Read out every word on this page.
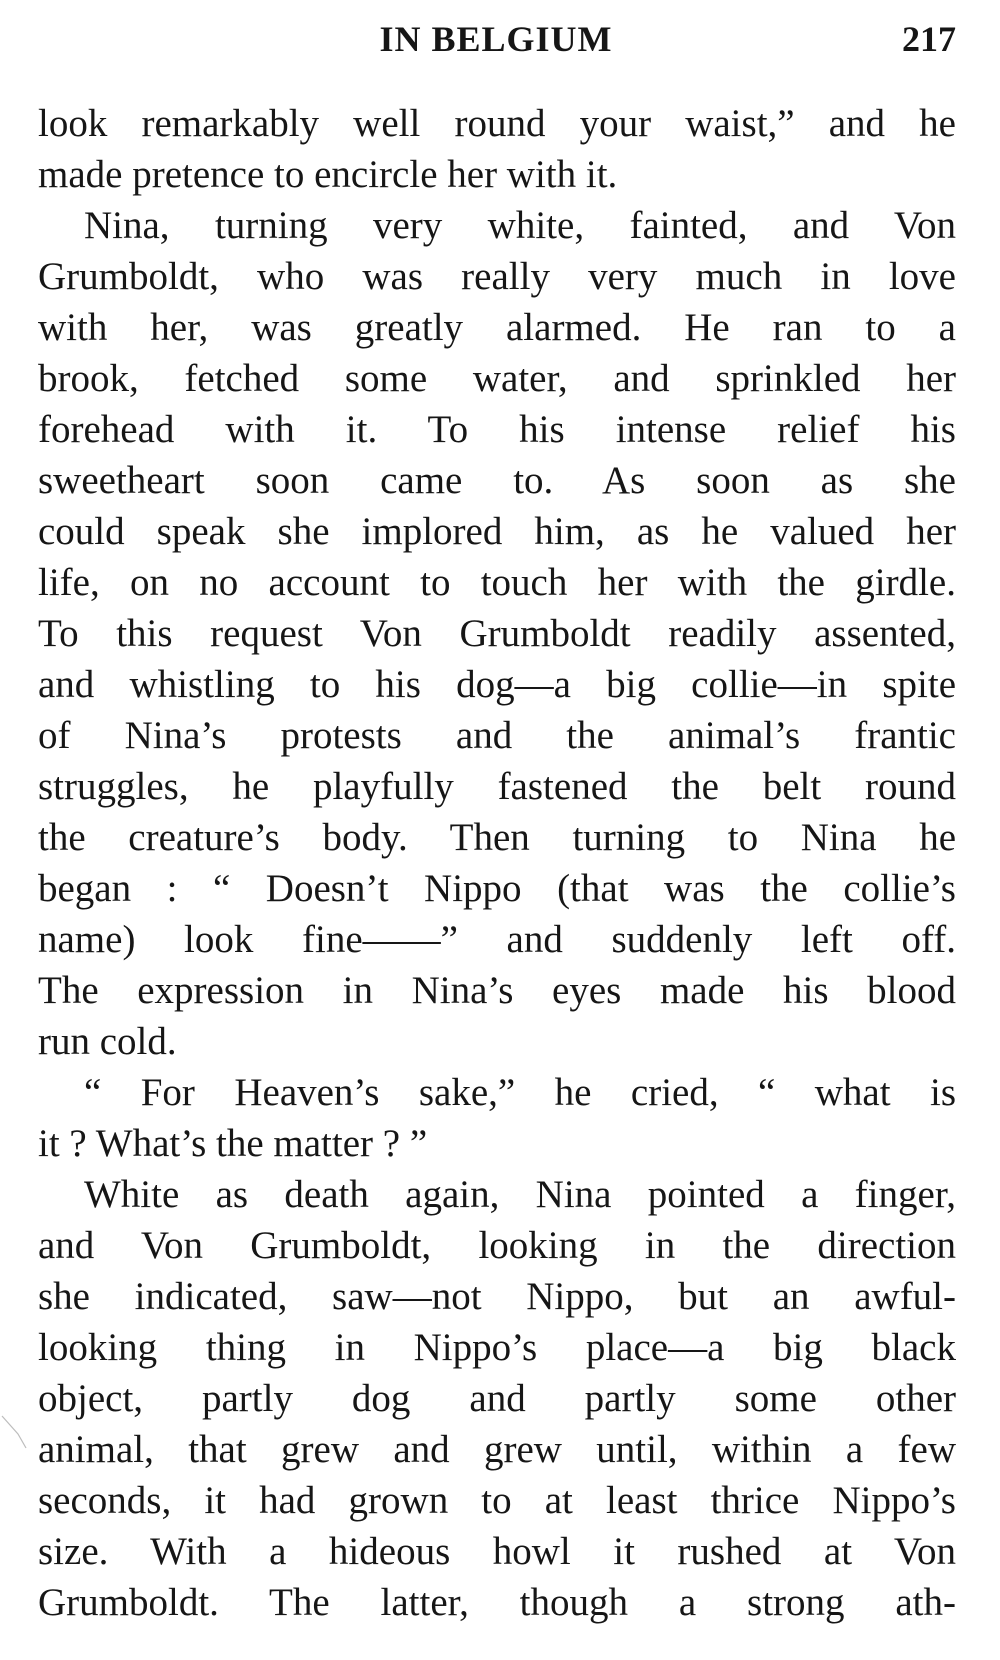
IN BELGIUM	217
look remarkably well round your waist,” and he
made pretence to encircle her with it.
Nina, turning very white, fainted, and Von
Grumboldt, who was really very much in love
with her, was greatly alarmed. He ran to a
brook, fetched some water, and sprinkled her
forehead with it. To his intense relief his
sweetheart soon came to. As soon as she
could speak she implored him, as he valued her
life, on no account to touch her with the girdle.
To this request Von Grumboldt readily assented,
and whistling to his dog—a big collie—in spite
of Nina’s protests and the animal’s frantic
struggles, he playfully fastened the belt round
the creature’s body. Then turning to Nina he
began : “ Doesn’t Nippo (that was the collie’s
name) look fine——” and suddenly left off.
The expression in Nina’s eyes made his blood
run cold.
“ For Heaven’s sake,” he cried, “ what is
it ? What’s the matter ? ”
White as death again, Nina pointed a finger,
and Von Grumboldt, looking in the direction
she indicated, saw—not Nippo, but an awful-
looking thing in Nippo’s place—a big black
object, partly dog and partly some other
animal, that grew and grew until, within a few
seconds, it had grown to at least thrice Nippo’s
size. With a hideous howl it rushed at Von
Grumboldt. The latter, though a strong ath-
